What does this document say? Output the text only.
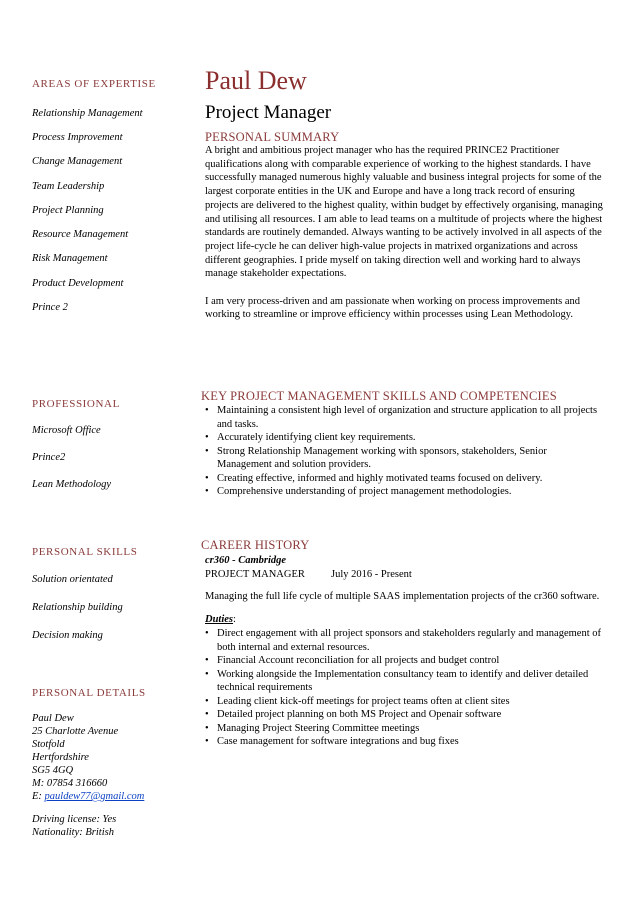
AREAS OF EXPERTISE
Relationship Management
Process Improvement
Change Management
Team Leadership
Project Planning
Resource Management
Risk Management
Product Development
Prince 2
PROFESSIONAL
Microsoft Office
Prince2
Lean Methodology
PERSONAL SKILLS
Solution orientated
Relationship building
Decision making
PERSONAL DETAILS
Paul Dew
25 Charlotte Avenue
Stotfold
Hertfordshire
SG5 4GQ
M: 07854 316660
E: pauldew77@gmail.com
Driving license: Yes
Nationality: British
Paul Dew
Project Manager
PERSONAL SUMMARY

A bright and ambitious project manager who has the required PRINCE2 Practitioner qualifications along with comparable experience of working to the highest standards. I have successfully managed numerous highly valuable and business integral projects for some of the largest corporate entities in the UK and Europe and have a long track record of ensuring projects are delivered to the highest quality, within budget by effectively organising, managing and utilising all resources. I am able to lead teams on a multitude of projects where the highest standards are routinely demanded. Always wanting to be actively involved in all aspects of the project life-cycle he can deliver high-value projects in matrixed organizations and across different geographies. I pride myself on taking direction well and working hard to always manage stakeholder expectations.

I am very process-driven and am passionate when working on process improvements and working to streamline or improve efficiency within processes using Lean Methodology.

KEY PROJECT MANAGEMENT SKILLS AND COMPETENCIES
• Maintaining a consistent high level of organization and structure application to all projects and tasks.
• Accurately identifying client key requirements.
• Strong Relationship Management working with sponsors, stakeholders, Senior Management and solution providers.
• Creating effective, informed and highly motivated teams focused on delivery.
• Comprehensive understanding of project management methodologies.
CAREER HISTORY
cr360 - Cambridge
PROJECT MANAGER July 2016 - Present
Managing the full life cycle of multiple SAAS implementation projects of the cr360 software.
Duties:
• Direct engagement with all project sponsors and stakeholders regularly and management of both internal and external resources.
• Financial Account reconciliation for all projects and budget control
• Working alongside the Implementation consultancy team to identify and deliver detailed technical requirements
• Leading client kick-off meetings for project teams often at client sites
• Detailed project planning on both MS Project and Openair software
• Managing Project Steering Committee meetings
• Case management for software integrations and bug fixes
